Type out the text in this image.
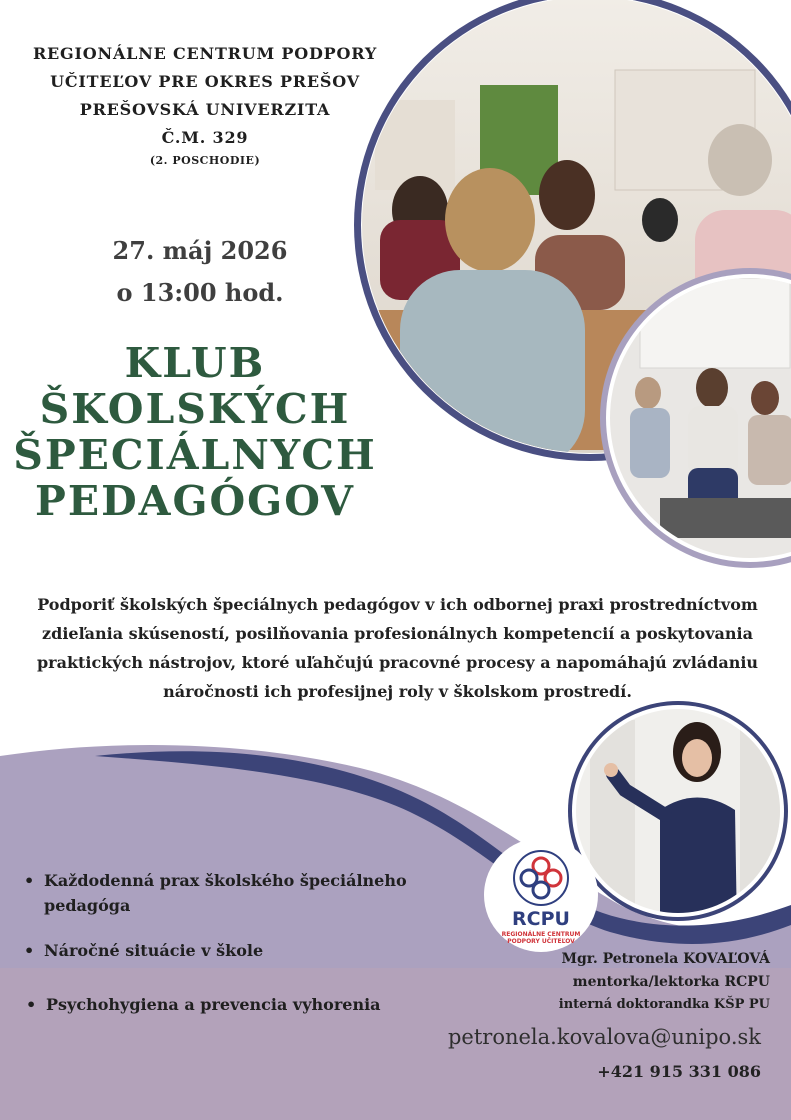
REGIONÁLNE CENTRUM PODPORY
UČITEĽOV PRE OKRES PREŠOV
PREŠOVSKÁ UNIVERZITA
Č.M. 329
(2. POSCHODIE)
27. máj 2026
o 13:00 hod.
KLUB
ŠKOLSKÝCH
ŠPECIÁLNYCH
PEDAGÓGOV
Podporiť školských špeciálnych pedagógov v ich odbornej praxi prostredníctvom
zdieľania skúseností, posilňovania profesionálnych kompetencií a poskytovania
praktických nástrojov, ktoré uľahčujú pracovné procesy a napomáhajú zvládaniu
náročnosti ich profesijnej roly v školskom prostredí.
• Každodenná prax školského špeciálneho
pedagóga
• Náročné situácie v škole
• Psychohygiena a prevencia vyhorenia
RCPU
REGIONÁLNE CENTRUM
PODPORY UČITEĽOV
Mgr. Petronela KOVAĽOVÁ
mentorka/lektorka RCPU
interná doktorandka KŠP PU
petronela.kovalova@unipo.sk
+421 915 331 086
